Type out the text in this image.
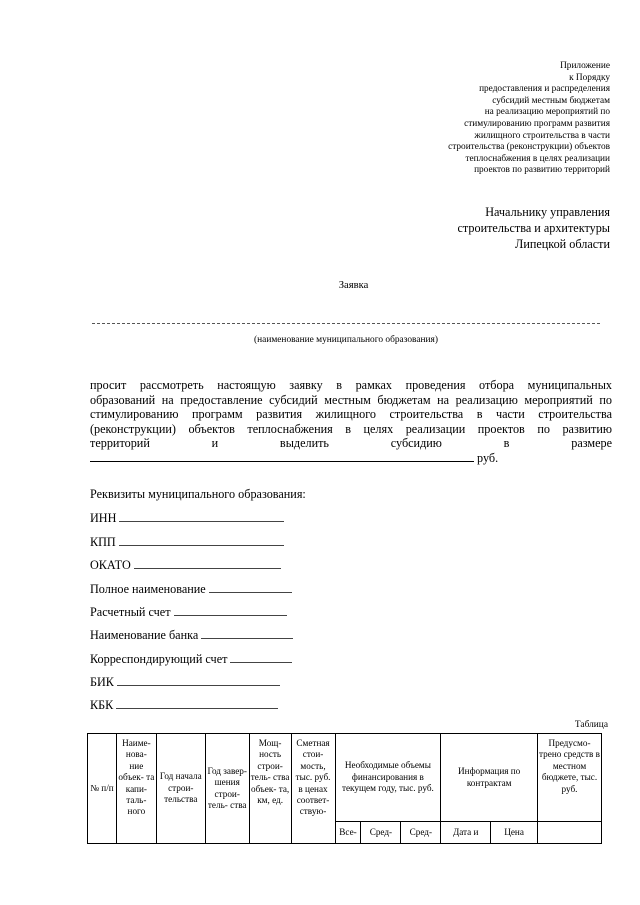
Приложение
к Порядку
предоставления и распределения
субсидий местным бюджетам
на реализацию мероприятий по
стимулированию программ развития
жилищного строительства в части
строительства (реконструкции) объектов
теплоснабжения в целях реализации
проектов по развитию территорий
Начальнику управления
строительства и архитектуры
Липецкой области
Заявка
(наименование муниципального образования)
просит рассмотреть настоящую заявку в рамках проведения отбора муниципальных
образований на предоставление субсидий местным бюджетам на реализацию мероприятий по
стимулированию программ развития жилищного строительства в части строительства
(реконструкции) объектов теплоснабжения в целях реализации проектов по развитию
территорий и выделить субсидию в размере
руб.
Реквизиты муниципального образования:
ИНН
КПП
ОКАТО
Полное наименование
Расчетный счет
Наименование банка
Корреспондирующий счет
БИК
КБК
Таблица
№ п/п	Наиме- нова- ние объек- та капи- таль- ного	Год начала строи- тельства	Год завер- шения строи- тель- ства	Мощ- ность строи- тель- ства объек- та, км, ед.	Сметная стои- мость, тыс. руб. в ценах соответ- ствую-	Необходимые объемы финансирования в текущем году, тыс. руб.			Информация по контрактам		Предусмо- трено средств в местном бюджете, тыс. руб.
						Все-	Сред-	Сред-	Дата и	Цена	
